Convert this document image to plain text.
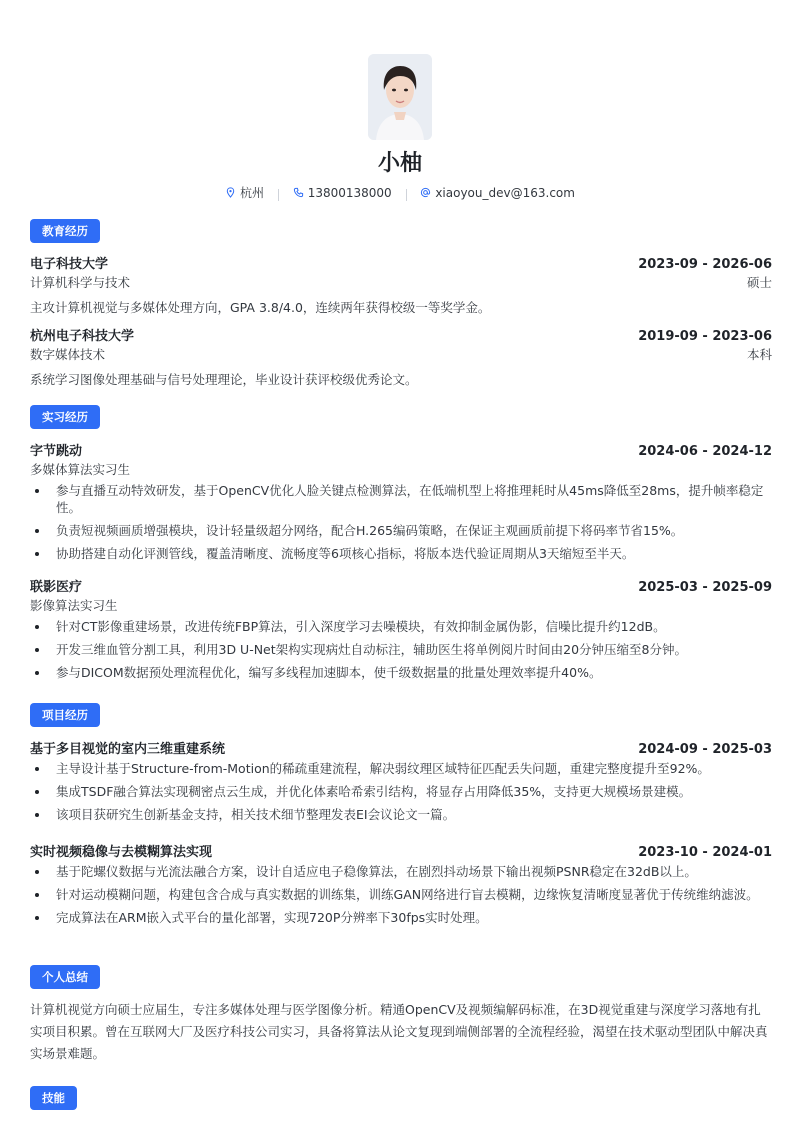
小柚
杭州
	13800138000
	xiaoyou_dev@163.com
教育经历
电子科技大学	2023-09 - 2026-06
计算机科学与技术	硕士
主攻计算机视觉与多媒体处理方向，GPA 3.8/4.0，连续两年获得校级一等奖学金。
杭州电子科技大学	2019-09 - 2023-06
数字媒体技术	本科
系统学习图像处理基础与信号处理理论，毕业设计获评校级优秀论文。
实习经历
字节跳动	2024-06 - 2024-12
多媒体算法实习生
参与直播互动特效研发，基于OpenCV优化人脸关键点检测算法，在低端机型上将推理耗时从45ms降低至28ms，提升帧率稳定性。
负责短视频画质增强模块，设计轻量级超分网络，配合H.265编码策略，在保证主观画质前提下将码率节省15%。
协助搭建自动化评测管线，覆盖清晰度、流畅度等6项核心指标，将版本迭代验证周期从3天缩短至半天。
联影医疗	2025-03 - 2025-09
影像算法实习生
针对CT影像重建场景，改进传统FBP算法，引入深度学习去噪模块，有效抑制金属伪影，信噪比提升约12dB。
开发三维血管分割工具，利用3D U-Net架构实现病灶自动标注，辅助医生将单例阅片时间由20分钟压缩至8分钟。
参与DICOM数据预处理流程优化，编写多线程加速脚本，使千级数据量的批量处理效率提升40%。
项目经历
基于多目视觉的室内三维重建系统	2024-09 - 2025-03
主导设计基于Structure-from-Motion的稀疏重建流程，解决弱纹理区域特征匹配丢失问题，重建完整度提升至92%。
集成TSDF融合算法实现稠密点云生成，并优化体素哈希索引结构，将显存占用降低35%，支持更大规模场景建模。
该项目获研究生创新基金支持，相关技术细节整理发表EI会议论文一篇。
实时视频稳像与去模糊算法实现	2023-10 - 2024-01
基于陀螺仪数据与光流法融合方案，设计自适应电子稳像算法，在剧烈抖动场景下输出视频PSNR稳定在32dB以上。
针对运动模糊问题，构建包含合成与真实数据的训练集，训练GAN网络进行盲去模糊，边缘恢复清晰度显著优于传统维纳滤波。
完成算法在ARM嵌入式平台的量化部署，实现720P分辨率下30fps实时处理。
个人总结

计算机视觉方向硕士应届生，专注多媒体处理与医学图像分析。精通OpenCV及视频编解码标准，在3D视觉重建与深度学习落地有扎实项目积累。曾在互联网大厂及医疗科技公司实习，具备将算法从论文复现到端侧部署的全流程经验，渴望在技术驱动型团队中解决真实场景难题。

技能
